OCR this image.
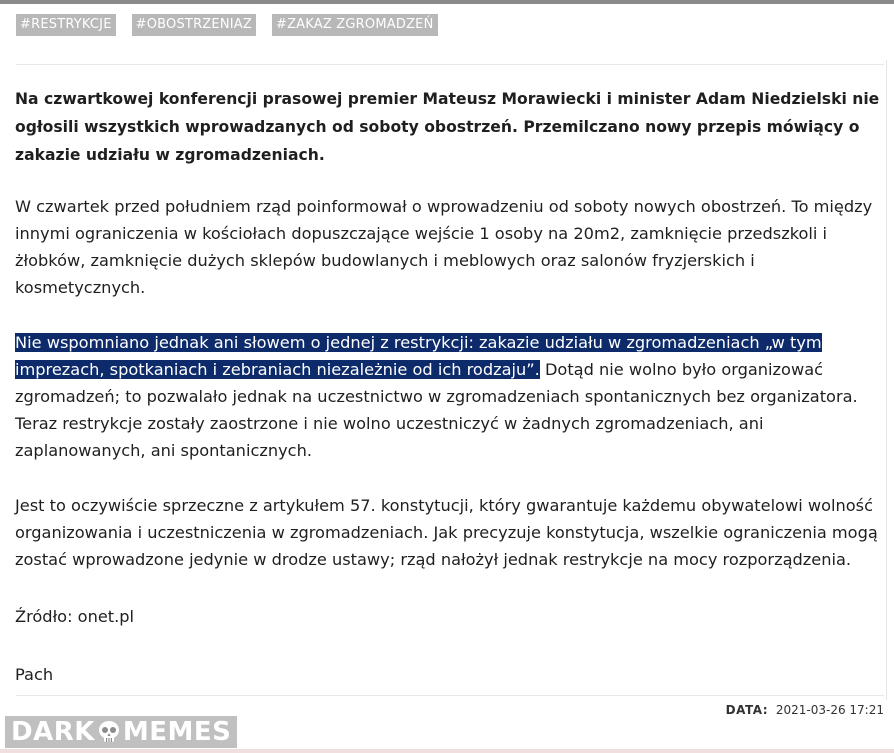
#RESTRYKCJE	#OBOSTRZENIAZ	#ZAKAZ ZGROMADZEŃ

Na czwartkowej konferencji prasowej premier Mateusz Morawiecki i minister Adam Niedzielski nie ogłosili wszystkich wprowadzanych od soboty obostrzeń. Przemilczano nowy przepis mówiący o zakazie udziału w zgromadzeniach.

W czwartek przed południem rząd poinformował o wprowadzeniu od soboty nowych obostrzeń. To między innymi ograniczenia w kościołach dopuszczające wejście 1 osoby na 20m2, zamknięcie przedszkoli i żłobków, zamknięcie dużych sklepów budowlanych i meblowych oraz salonów fryzjerskich i kosmetycznych.

Nie wspomniano jednak ani słowem o jednej z restrykcji: zakazie udziału w zgromadzeniach „w tym imprezach, spotkaniach i zebraniach niezależnie od ich rodzaju”. Dotąd nie wolno było organizować zgromadzeń; to pozwalało jednak na uczestnictwo w zgromadzeniach spontanicznych bez organizatora. Teraz restrykcje zostały zaostrzone i nie wolno uczestniczyć w żadnych zgromadzeniach, ani zaplanowanych, ani spontanicznych.

Jest to oczywiście sprzeczne z artykułem 57. konstytucji, który gwarantuje każdemu obywatelowi wolność organizowania i uczestniczenia w zgromadzeniach. Jak precyzuje konstytucja, wszelkie ograniczenia mogą zostać wprowadzone jedynie w drodze ustawy; rząd nałożył jednak restrykcje na mocy rozporządzenia.

Źródło: onet.pl

Pach

DATA: 2021-03-26 17:21
DARK MEMES
